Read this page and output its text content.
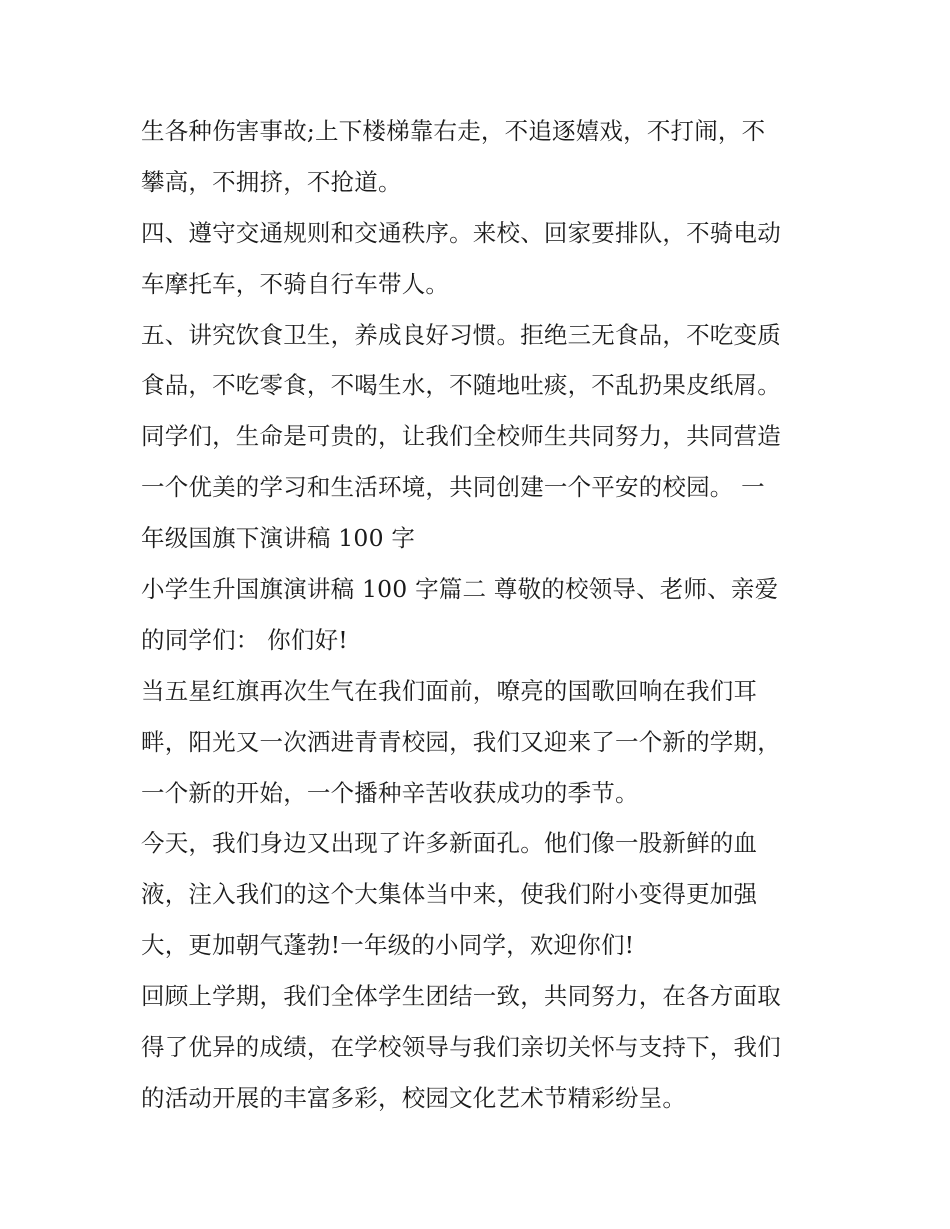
生各种伤害事故;上下楼梯靠右走，不追逐嬉戏，不打闹，不
攀高，不拥挤，不抢道。
四、遵守交通规则和交通秩序。来校、回家要排队，不骑电动
车摩托车，不骑自行车带人。
五、讲究饮食卫生，养成良好习惯。拒绝三无食品，不吃变质
食品，不吃零食，不喝生水，不随地吐痰，不乱扔果皮纸屑。
同学们，生命是可贵的，让我们全校师生共同努力，共同营造
一个优美的学习和生活环境，共同创建一个平安的校园。 一
年级国旗下演讲稿 100 字
小学生升国旗演讲稿 100 字篇二 尊敬的校领导、老师、亲爱
的同学们： 你们好!
当五星红旗再次生气在我们面前，嘹亮的国歌回响在我们耳
畔，阳光又一次洒进青青校园，我们又迎来了一个新的学期，
一个新的开始，一个播种辛苦收获成功的季节。
今天，我们身边又出现了许多新面孔。他们像一股新鲜的血
液，注入我们的这个大集体当中来，使我们附小变得更加强
大，更加朝气蓬勃!一年级的小同学，欢迎你们!
回顾上学期，我们全体学生团结一致，共同努力，在各方面取
得了优异的成绩，在学校领导与我们亲切关怀与支持下，我们
的活动开展的丰富多彩，校园文化艺术节精彩纷呈。
